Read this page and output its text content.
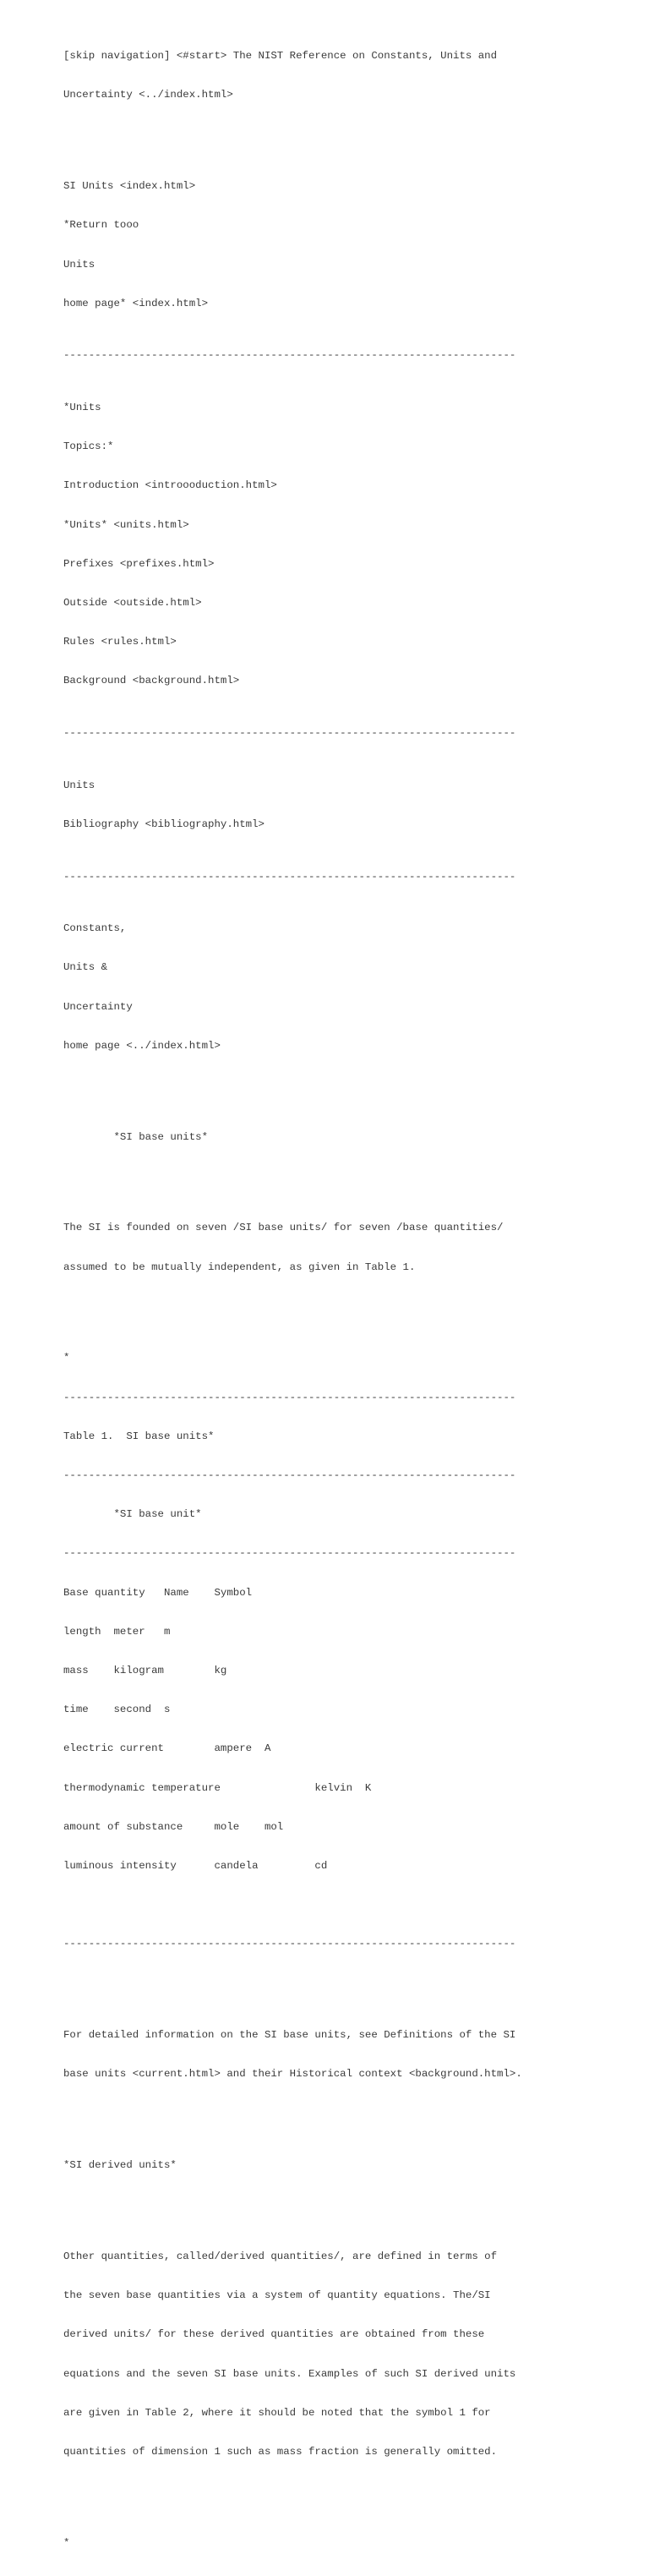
[skip navigation] <#start> The NIST Reference on Constants, Units and

Uncertainty <../index.html>

SI Units <index.html>

*Return tooo

Units

home page* <index.html>

------------------------------------------------------------------------

*Units

Topics:*

Introduction <introooduction.html>

*Units* <units.html>

Prefixes <prefixes.html>

Outside <outside.html>

Rules <rules.html>

Background <background.html>

------------------------------------------------------------------------

Units

Bibliography <bibliography.html>

------------------------------------------------------------------------

Constants,

Units &

Uncertainty

home page <../index.html>

*SI base units*

The SI is founded on seven /SI base units/ for seven /base quantities/

assumed to be mutually independent, as given in Table 1.

*

------------------------------------------------------------------------

Table 1.  SI base units*

------------------------------------------------------------------------

*SI base unit*

------------------------------------------------------------------------

Base quantity   Name    Symbol

length  meter   m

mass    kilogram        kg

time    second  s

electric current        ampere  A

thermodynamic temperature               kelvin  K

amount of substance     mole    mol

luminous intensity      candela         cd

------------------------------------------------------------------------

For detailed information on the SI base units, see Definitions of the SI

base units <current.html> and their Historical context <background.html>.

*SI derived units*

Other quantities, called/derived quantities/, are defined in terms of

the seven base quantities via a system of quantity equations. The/SI

derived units/ for these derived quantities are obtained from these

equations and the seven SI base units. Examples of such SI derived units

are given in Table 2, where it should be noted that the symbol 1 for

quantities of dimension 1 such as mass fraction is generally omitted.

*
